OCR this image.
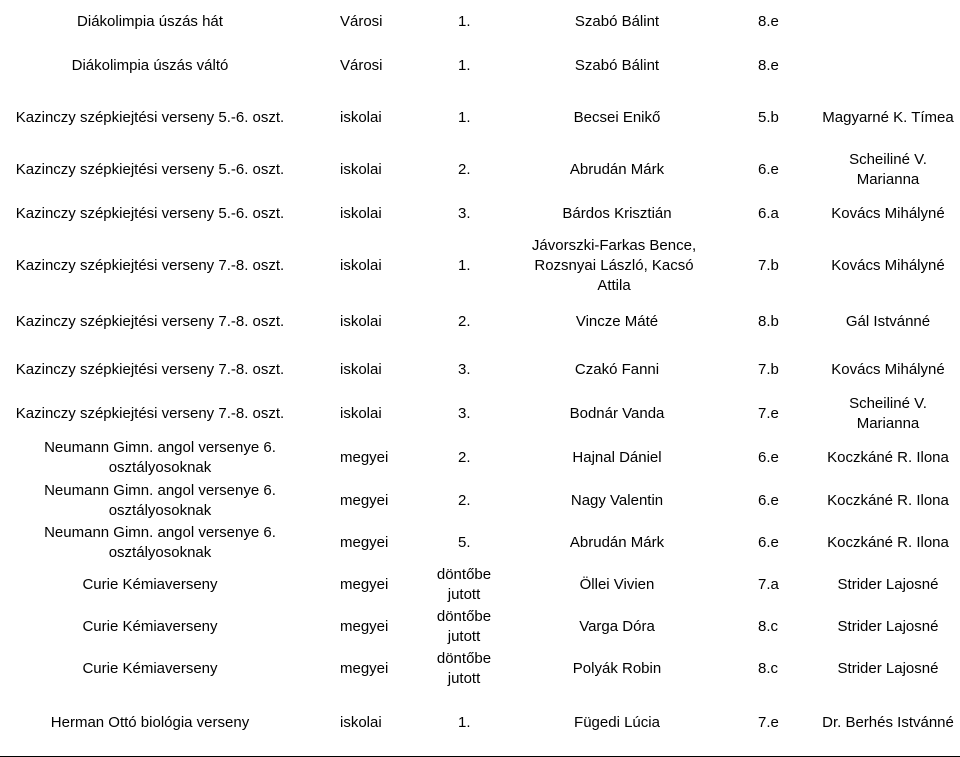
Diákolimpia úszás hát	Városi	1.	Szabó Bálint	8.e	

Diákolimpia úszás váltó	Városi	1.	Szabó Bálint	8.e	

Kazinczy szépkiejtési verseny 5.-6. oszt.	iskolai	1.	Becsei Enikő	5.b	Magyarné K. Tímea

Kazinczy szépkiejtési verseny 5.-6. oszt.	iskolai	2.	Abrudán Márk	6.e	Scheiliné V. Marianna

Kazinczy szépkiejtési verseny 5.-6. oszt.	iskolai	3.	Bárdos Krisztián	6.a	Kovács Mihályné

Kazinczy szépkiejtési verseny 7.-8. oszt.	iskolai	1.	Jávorszki-Farkas Bence, Rozsnyai László, Kacsó Attila	7.b	Kovács Mihályné

Kazinczy szépkiejtési verseny 7.-8. oszt.	iskolai	2.	Vincze Máté	8.b	Gál Istvánné

Kazinczy szépkiejtési verseny 7.-8. oszt.	iskolai	3.	Czakó Fanni	7.b	Kovács Mihályné

Kazinczy szépkiejtési verseny 7.-8. oszt.	iskolai	3.	Bodnár Vanda	7.e	Scheiliné V. Marianna

Neumann Gimn. angol versenye 6. osztályosoknak	megyei	2.	Hajnal Dániel	6.e	Koczkáné R. Ilona

Neumann Gimn. angol versenye 6. osztályosoknak	megyei	2.	Nagy Valentin	6.e	Koczkáné R. Ilona

Neumann Gimn. angol versenye 6. osztályosoknak	megyei	5.	Abrudán Márk	6.e	Koczkáné R. Ilona

Curie Kémiaverseny	megyei	döntőbe jutott	Öllei Vivien	7.a	Strider Lajosné

Curie Kémiaverseny	megyei	döntőbe jutott	Varga Dóra	8.c	Strider Lajosné

Curie Kémiaverseny	megyei	döntőbe jutott	Polyák Robin	8.c	Strider Lajosné

Herman Ottó biológia verseny	iskolai	1.	Fügedi Lúcia	7.e	Dr. Berhés Istvánné
